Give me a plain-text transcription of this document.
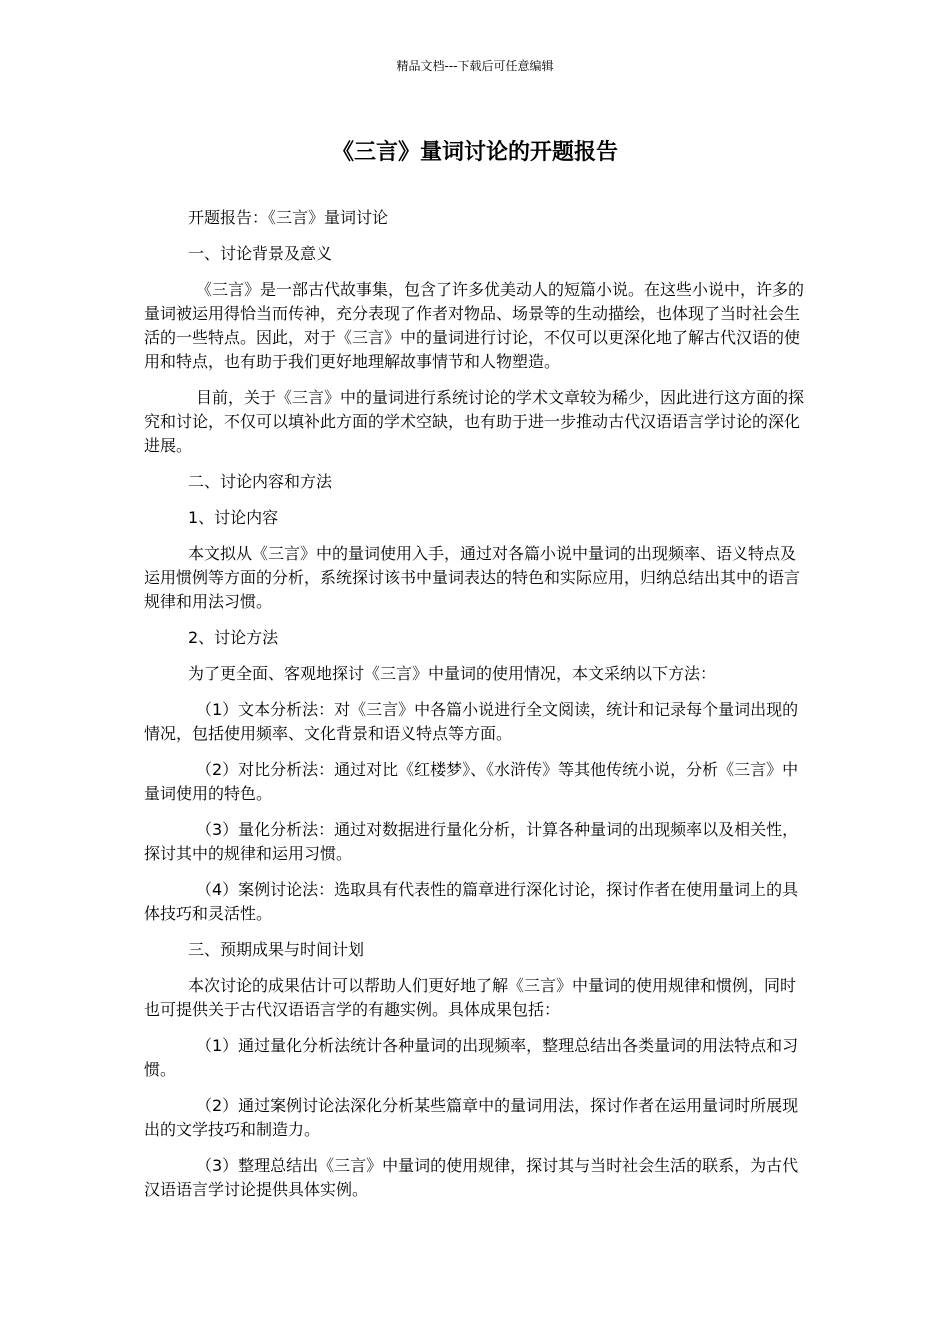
精品文档---下载后可任意编辑
《三言》量词讨论的开题报告

开题报告：《三言》量词讨论

一、讨论背景及意义

《三言》是一部古代故事集，包含了许多优美动人的短篇小说。在这些小说中，许多的量词被运用得恰当而传神，充分表现了作者对物品、场景等的生动描绘，也体现了当时社会生活的一些特点。因此，对于《三言》中的量词进行讨论，不仅可以更深化地了解古代汉语的使用和特点，也有助于我们更好地理解故事情节和人物塑造。

目前，关于《三言》中的量词进行系统讨论的学术文章较为稀少，因此进行这方面的探究和讨论，不仅可以填补此方面的学术空缺，也有助于进一步推动古代汉语语言学讨论的深化进展。

二、讨论内容和方法

1、讨论内容

本文拟从《三言》中的量词使用入手，通过对各篇小说中量词的出现频率、语义特点及运用惯例等方面的分析，系统探讨该书中量词表达的特色和实际应用，归纳总结出其中的语言规律和用法习惯。

2、讨论方法

为了更全面、客观地探讨《三言》中量词的使用情况，本文采纳以下方法：

（1）文本分析法：对《三言》中各篇小说进行全文阅读，统计和记录每个量词出现的情况，包括使用频率、文化背景和语义特点等方面。

（2）对比分析法：通过对比《红楼梦》、《水浒传》等其他传统小说，分析《三言》中量词使用的特色。

（3）量化分析法：通过对数据进行量化分析，计算各种量词的出现频率以及相关性，探讨其中的规律和运用习惯。

（4）案例讨论法：选取具有代表性的篇章进行深化讨论，探讨作者在使用量词上的具体技巧和灵活性。

三、预期成果与时间计划

本次讨论的成果估计可以帮助人们更好地了解《三言》中量词的使用规律和惯例，同时也可提供关于古代汉语语言学的有趣实例。具体成果包括：

（1）通过量化分析法统计各种量词的出现频率，整理总结出各类量词的用法特点和习惯。

（2）通过案例讨论法深化分析某些篇章中的量词用法，探讨作者在运用量词时所展现出的文学技巧和制造力。

（3）整理总结出《三言》中量词的使用规律，探讨其与当时社会生活的联系，为古代汉语语言学讨论提供具体实例。
